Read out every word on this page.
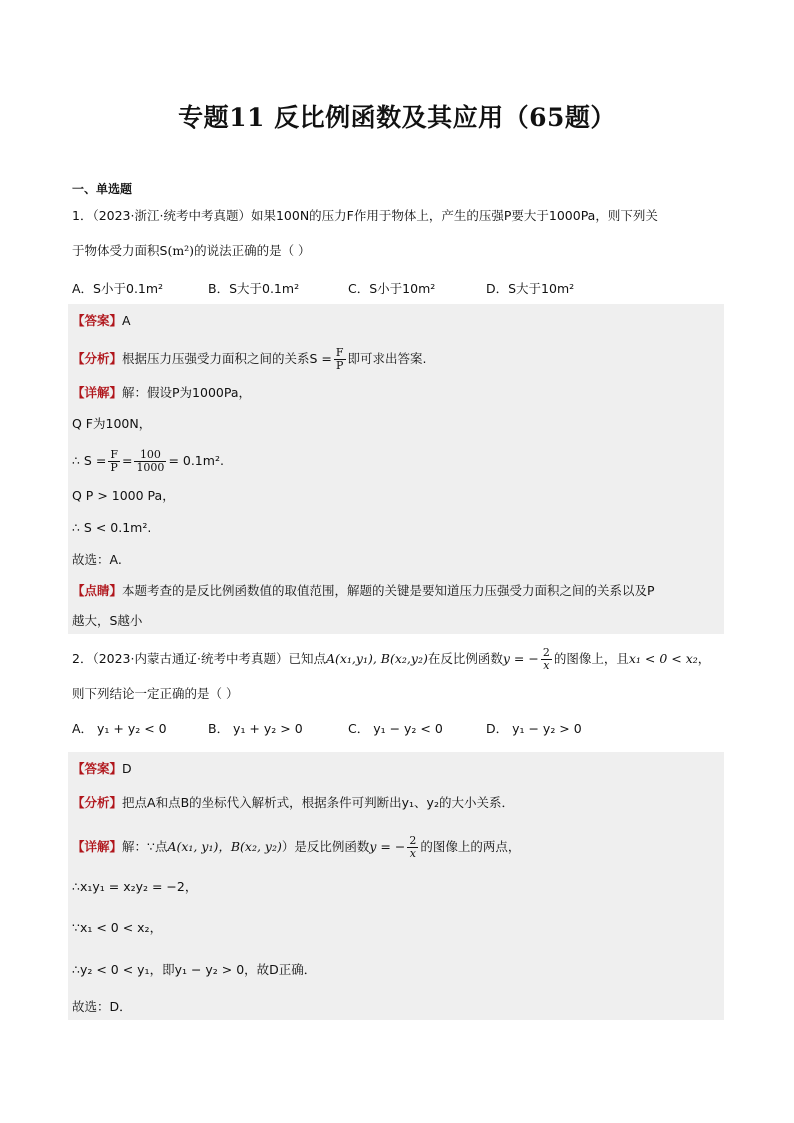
专题11 反比例函数及其应用（65题）
一、单选题
1．（2023·浙江·统考中考真题）如果100N的压力F作用于物体上，产生的压强P要大于1000Pa，则下列关
于物体受力面积S(m²)的说法正确的是（ ）
A．S小于0.1m²	B．S大于0.1m²	C．S小于10m²	D．S大于10m²
【答案】A
【分析】根据压力压强受力面积之间的关系$S = \frac{F}{P}$ 即可求出答案.
【详解】解：假设P为1000Pa，
Q F为100N，
∴ $S = \frac{F}{P} = \frac{100}{1000} = 0.1m^2$.
Q P > 1000 Pa，
∴ S < 0.1m².
故选：A.
【点睛】本题考查的是反比例函数值的取值范围，解题的关键是要知道压力压强受力面积之间的关系以及P
越大，S越小
2．（2023·内蒙古通辽·统考中考真题）已知点A(x₁,y₁), B(x₂,y₂)在反比例函数y = − $\frac{2}{x}$ 的图像上，且x₁ < 0 < x₂，
则下列结论一定正确的是（ ）
A． y₁ + y₂ < 0	B． y₁ + y₂ > 0	C． y₁ − y₂ < 0	D． y₁ − y₂ > 0
【答案】D
【分析】把点A和点B的坐标代入解析式，根据条件可判断出y₁、y₂的大小关系．
【详解】解：∵点A(x₁, y₁)，B(x₂, y₂)）是反比例函数y = − $\frac{2}{x}$ 的图像上的两点，
∴x₁y₁ = x₂y₂ = −2，
∵x₁ < 0 < x₂，
∴y₂ < 0 < y₁，即y₁ − y₂ > 0，故D正确．
故选：D．
